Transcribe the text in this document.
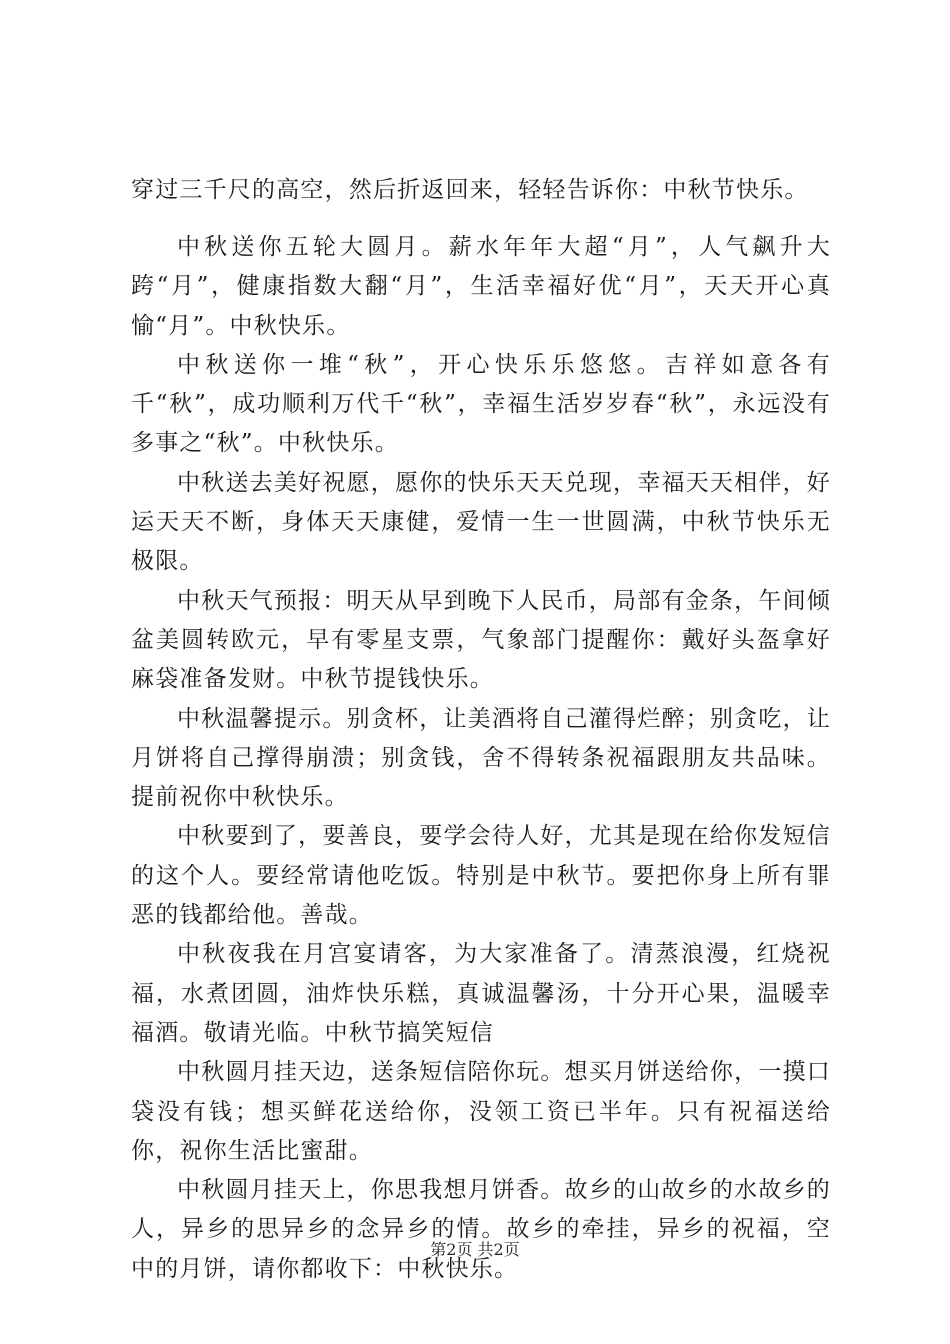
穿过三千尺的高空，然后折返回来，轻轻告诉你：中秋节快乐。

中秋送你五轮大圆月。薪水年年大超“月”，人气飙升大跨“月”，健康指数大翻“月”，生活幸福好优“月”，天天开心真愉“月”。中秋快乐。

中秋送你一堆“秋”，开心快乐乐悠悠。吉祥如意各有千“秋”，成功顺利万代千“秋”，幸福生活岁岁春“秋”，永远没有多事之“秋”。中秋快乐。

中秋送去美好祝愿，愿你的快乐天天兑现，幸福天天相伴，好运天天不断，身体天天康健，爱情一生一世圆满，中秋节快乐无极限。

中秋天气预报：明天从早到晚下人民币，局部有金条，午间倾盆美圆转欧元，早有零星支票，气象部门提醒你：戴好头盔拿好麻袋准备发财。中秋节提钱快乐。

中秋温馨提示。别贪杯，让美酒将自己灌得烂醉；别贪吃，让月饼将自己撑得崩溃；别贪钱，舍不得转条祝福跟朋友共品味。提前祝你中秋快乐。

中秋要到了，要善良，要学会待人好，尤其是现在给你发短信的这个人。要经常请他吃饭。特别是中秋节。要把你身上所有罪恶的钱都给他。善哉。

中秋夜我在月宫宴请客，为大家准备了。清蒸浪漫，红烧祝福，水煮团圆，油炸快乐糕，真诚温馨汤，十分开心果，温暖幸福酒。敬请光临。中秋节搞笑短信

中秋圆月挂天边，送条短信陪你玩。想买月饼送给你，一摸口袋没有钱；想买鲜花送给你，没领工资已半年。只有祝福送给你，祝你生活比蜜甜。

中秋圆月挂天上，你思我想月饼香。故乡的山故乡的水故乡的人，异乡的思异乡的念异乡的情。故乡的牵挂，异乡的祝福，空中的月饼，请你都收下：中秋快乐。

第2页 共2页
